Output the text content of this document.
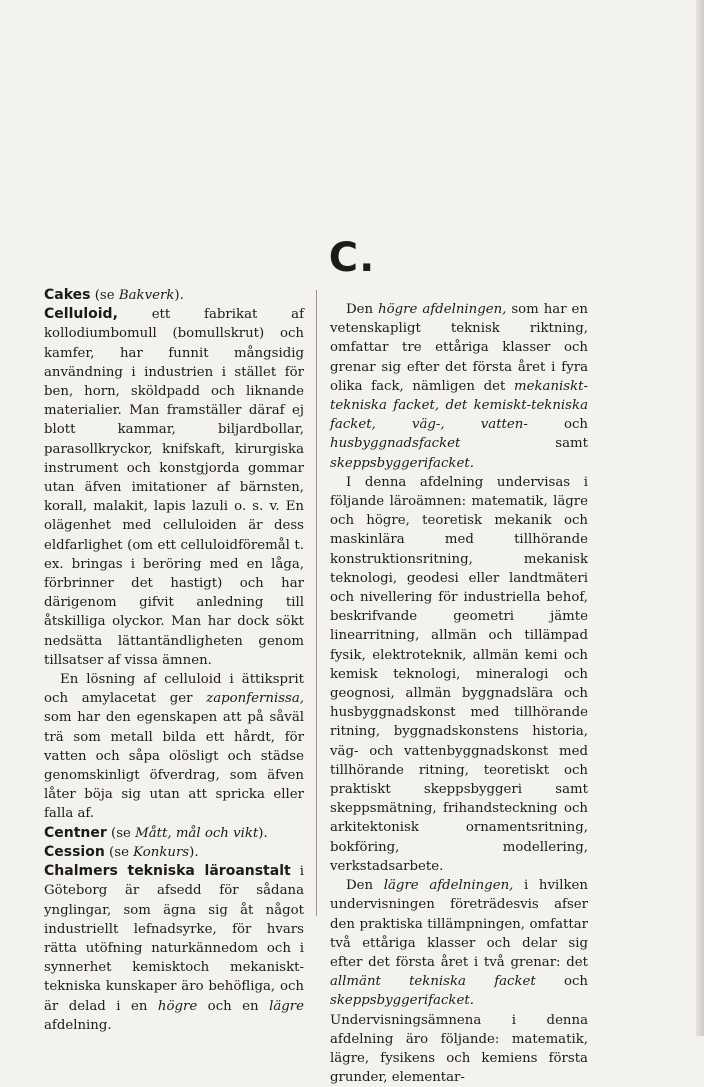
C.

Cakes (se Bakverk).

Celluloid, ett fabrikat af kollodiumbomull (bomullskrut) och kamfer, har funnit mångsidig användning i industrien i stället för ben, horn, sköldpadd och liknande materialier. Man framställer däraf ej blott kammar, biljardbollar, parasollkryckor, knifskaft, kirurgiska instrument och konstgjorda gommar utan äfven imitationer af bärnsten, korall, malakit, lapis lazuli o. s. v. En olägenhet med celluloiden är dess eldfarlighet (om ett celluloidföremål t. ex. bringas i beröring med en låga, förbrinner det hastigt) och har därigenom gifvit anledning till åtskilliga olyckor. Man har dock sökt nedsätta lättantändligheten genom tillsatser af vissa ämnen.

En lösning af celluloid i ättiksprit och amylacetat ger zaponfernissa, som har den egenskapen att på såväl trä som metall bilda ett hårdt, för vatten och såpa olösligt och städse genomskinligt öfverdrag, som äfven låter böja sig utan att spricka eller falla af.

Centner (se Mått, mål och vikt).

Cession (se Konkurs).

Chalmers tekniska läroanstalt i Göteborg är afsedd för sådana ynglingar, som ägna sig åt något industriellt lefnadsyrke, för hvars rätta utöfning naturkännedom och i synnerhet kemisktoch mekaniskt-tekniska kunskaper äro behöfliga, och är delad i en högre och en lägre afdelning.

Den högre afdelningen, som har en vetenskapligt teknisk riktning, omfattar tre ettåriga klasser och grenar sig efter det första året i fyra olika fack, nämligen det mekaniskt-tekniska facket, det kemiskt-tekniska facket, väg-, vatten- och husbyggnadsfacket samt skeppsbyggerifacket.

I denna afdelning undervisas i följande läroämnen: matematik, lägre och högre, teoretisk mekanik och maskinlära med tillhörande konstruktionsritning, mekanisk teknologi, geodesi eller landtmäteri och nivellering för industriella behof, beskrifvande geometri jämte linearritning, allmän och tillämpad fysik, elektroteknik, allmän kemi och kemisk teknologi, mineralogi och geognosi, allmän byggnadslära och husbyggnadskonst med tillhörande ritning, byggnadskonstens historia, väg- och vattenbyggnadskonst med tillhörande ritning, teoretiskt och praktiskt skeppsbyggeri samt skeppsmätning, frihandsteckning och arkitektonisk ornamentsritning, bokföring, modellering, verkstadsarbete.

Den lägre afdelningen, i hvilken undervisningen företrädesvis afser den praktiska tillämpningen, omfattar två ettåriga klasser och delar sig efter det första året i två grenar: det allmänt tekniska facket och skeppsbyggerifacket. Undervisningsämnena i denna afdelning äro följande: matematik, lägre, fysikens och kemiens första grunder, elementar-
